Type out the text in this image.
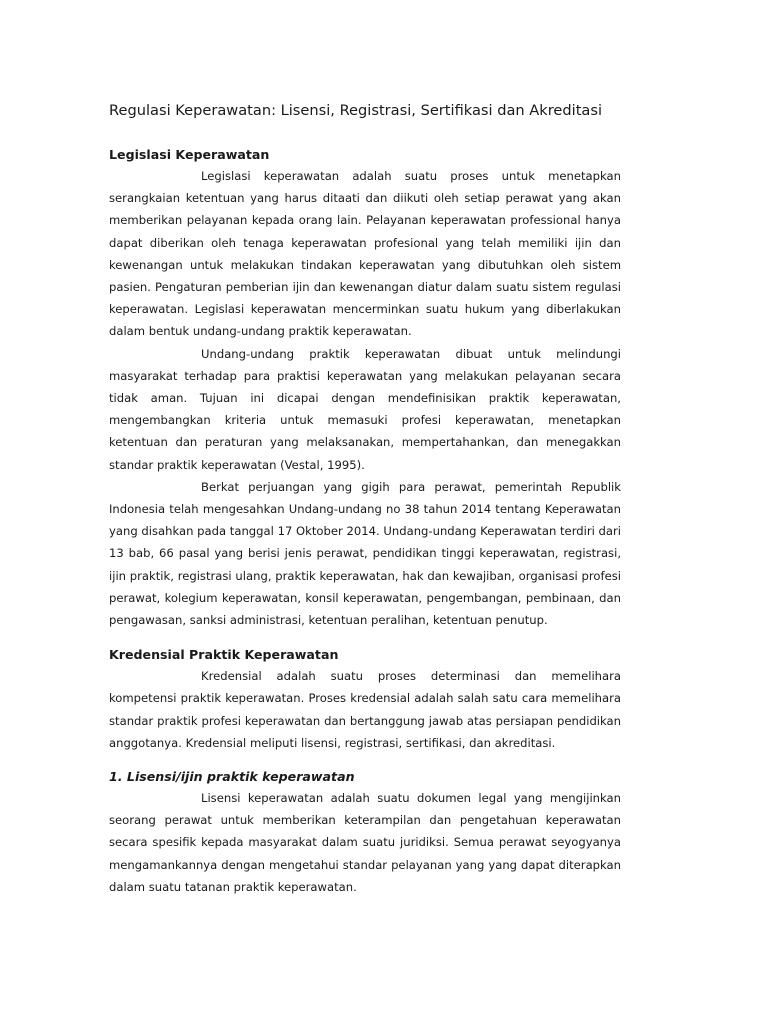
Regulasi Keperawatan: Lisensi, Registrasi, Sertifikasi dan Akreditasi
Legislasi Keperawatan

Legislasi keperawatan adalah suatu proses untuk menetapkan serangkaian ketentuan yang harus ditaati dan diikuti oleh setiap perawat yang akan memberikan pelayanan kepada orang lain. Pelayanan keperawatan professional hanya dapat diberikan oleh tenaga keperawatan profesional yang telah memiliki ijin dan kewenangan untuk melakukan tindakan keperawatan yang dibutuhkan oleh sistem pasien. Pengaturan pemberian ijin dan kewenangan diatur dalam suatu sistem regulasi keperawatan. Legislasi keperawatan mencerminkan suatu hukum yang diberlakukan dalam bentuk undang-undang praktik keperawatan.

Undang-undang praktik keperawatan dibuat untuk melindungi masyarakat terhadap para praktisi keperawatan yang melakukan pelayanan secara tidak aman. Tujuan ini dicapai dengan mendefinisikan praktik keperawatan, mengembangkan kriteria untuk memasuki profesi keperawatan, menetapkan ketentuan dan peraturan yang melaksanakan, mempertahankan, dan menegakkan standar praktik keperawatan (Vestal, 1995).

Berkat perjuangan yang gigih para perawat, pemerintah Republik Indonesia telah mengesahkan Undang-undang no 38 tahun 2014 tentang Keperawatan yang disahkan pada tanggal 17 Oktober 2014. Undang-undang Keperawatan terdiri dari 13 bab, 66 pasal yang berisi jenis perawat, pendidikan tinggi keperawatan, registrasi, ijin praktik, registrasi ulang, praktik keperawatan, hak dan kewajiban, organisasi profesi perawat, kolegium keperawatan, konsil keperawatan, pengembangan, pembinaan, dan pengawasan, sanksi administrasi, ketentuan peralihan, ketentuan penutup.

Kredensial Praktik Keperawatan

Kredensial adalah suatu proses determinasi dan memelihara kompetensi praktik keperawatan. Proses kredensial adalah salah satu cara memelihara standar praktik profesi keperawatan dan bertanggung jawab atas persiapan pendidikan anggotanya. Kredensial meliputi lisensi, registrasi, sertifikasi, dan akreditasi.

1. Lisensi/ijin praktik keperawatan

Lisensi keperawatan adalah suatu dokumen legal yang mengijinkan seorang perawat untuk memberikan keterampilan dan pengetahuan keperawatan secara spesifik kepada masyarakat dalam suatu juridiksi. Semua perawat seyogyanya mengamankannya dengan mengetahui standar pelayanan yang yang dapat diterapkan dalam suatu tatanan praktik keperawatan.
